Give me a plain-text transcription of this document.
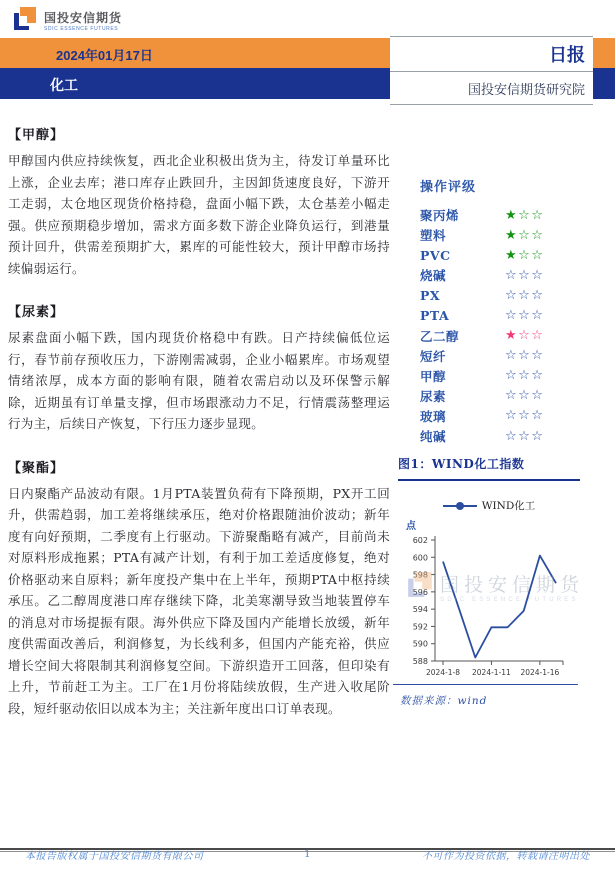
国投安信期货
SDIC ESSENCE FUTURES
2024年01月17日
化工
日报
国投安信期货研究院
【甲醇】
甲醇国内供应持续恢复，西北企业积极出货为主，待发订单量环比上涨，企业去库；港口库存止跌回升，主因卸货速度良好，下游开工走弱，太仓地区现货价格持稳，盘面小幅下跌，太仓基差小幅走强。供应预期稳步增加，需求方面多数下游企业降负运行，到港量预计回升，供需差预期扩大，累库的可能性较大，预计甲醇市场持续偏弱运行。
【尿素】
尿素盘面小幅下跌，国内现货价格稳中有跌。日产持续偏低位运行，春节前存预收压力，下游刚需减弱，企业小幅累库。市场观望情绪浓厚，成本方面的影响有限，随着农需启动以及环保警示解除，近期虽有订单量支撑，但市场跟涨动力不足，行情震荡整理运行为主，后续日产恢复，下行压力逐步显现。
【聚酯】
日内聚酯产品波动有限。1月PTA装置负荷有下降预期，PX开工回升，供需趋弱，加工差将继续承压，绝对价格跟随油价波动；新年度有向好预期，二季度有上行驱动。下游聚酯略有减产，目前尚未对原料形成拖累；PTA有减产计划，有利于加工差适度修复，绝对价格驱动来自原料；新年度投产集中在上半年，预期PTA中枢持续承压。乙二醇周度港口库存继续下降，北美寒潮导致当地装置停车的消息对市场提振有限。海外供应下降及国内产能增长放缓，新年度供需面改善后，利润修复，为长线利多，但国内产能充裕，供应增长空间大将限制其利润修复空间。下游织造开工回落，但印染有上升，节前赶工为主。工厂在1月份将陆续放假，生产进入收尾阶段，短纤驱动依旧以成本为主；关注新年度出口订单表现。
操作评级
聚丙烯	★☆☆
塑料	★☆☆
PVC	★☆☆
烧碱	☆☆☆
PX	☆☆☆
PTA	☆☆☆
乙二醇	★☆☆
短纤	☆☆☆
甲醇	☆☆☆
尿素	☆☆☆
玻璃	☆☆☆
纯碱	☆☆☆
图1：WIND化工指数
WIND化工
点
588
590
592
594
596
598
600
602
2024-1-8 2024-1-11 2024-1-16
国投安信期货
SDIC ESSENCE FUTURES
数据来源：wind
1
本报告版权属于国投安信期货有限公司	不可作为投资依据，转载请注明出处
